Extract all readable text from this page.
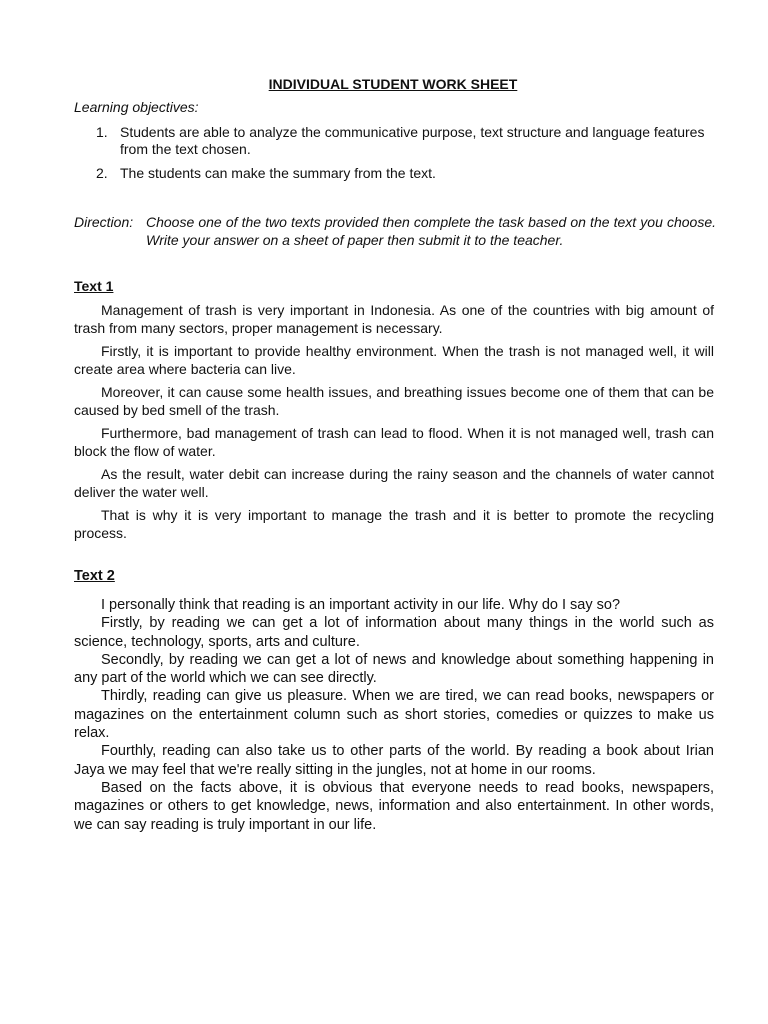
INDIVIDUAL STUDENT WORK SHEET
Learning objectives:
1. Students are able to analyze the communicative purpose, text structure and language features from the text chosen.
2. The students can make the summary from the text.
Direction: Choose one of the two texts provided then complete the task based on the text you choose. Write your answer on a sheet of paper then submit it to the teacher.
Text 1

Management of trash is very important in Indonesia. As one of the countries with big amount of trash from many sectors, proper management is necessary.

Firstly, it is important to provide healthy environment. When the trash is not managed well, it will create area where bacteria can live.

Moreover, it can cause some health issues, and breathing issues become one of them that can be caused by bed smell of the trash.

Furthermore, bad management of trash can lead to flood. When it is not managed well, trash can block the flow of water.

As the result, water debit can increase during the rainy season and the channels of water cannot deliver the water well.

That is why it is very important to manage the trash and it is better to promote the recycling process.

Text 2

I personally think that reading is an important activity in our life. Why do I say so?

Firstly, by reading we can get a lot of information about many things in the world such as science, technology, sports, arts and culture.

Secondly, by reading we can get a lot of news and knowledge about something happening in any part of the world which we can see directly.

Thirdly, reading can give us pleasure. When we are tired, we can read books, newspapers or magazines on the entertainment column such as short stories, comedies or quizzes to make us relax.

Fourthly, reading can also take us to other parts of the world. By reading a book about Irian Jaya we may feel that we're really sitting in the jungles, not at home in our rooms.

Based on the facts above, it is obvious that everyone needs to read books, newspapers, magazines or others to get knowledge, news, information and also entertainment. In other words, we can say reading is truly important in our life.
